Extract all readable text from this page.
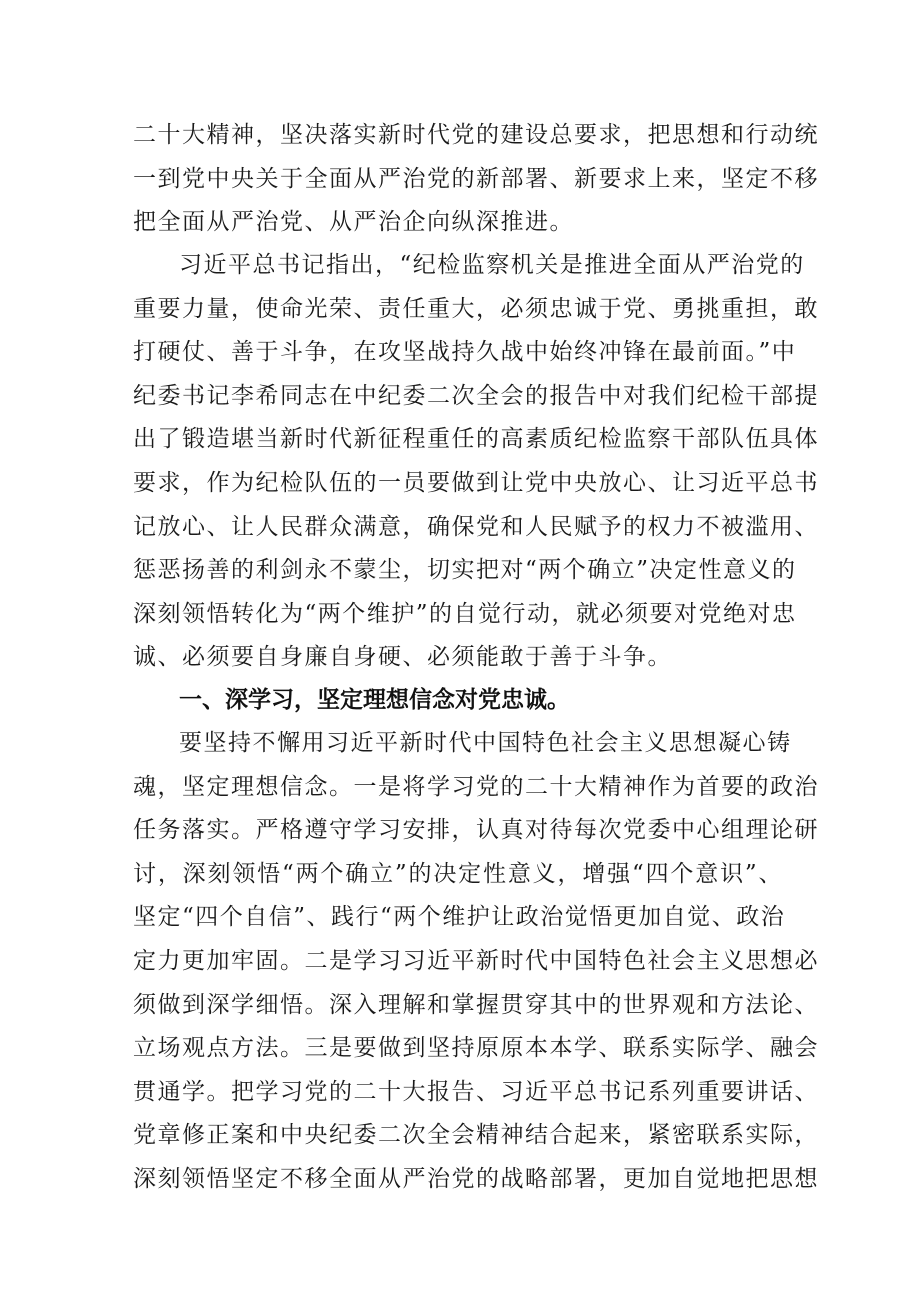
二十大精神，坚决落实新时代党的建设总要求，把思想和行动统
一到党中央关于全面从严治党的新部署、新要求上来，坚定不移
把全面从严治党、从严治企向纵深推进。
习近平总书记指出，“纪检监察机关是推进全面从严治党的
重要力量，使命光荣、责任重大，必须忠诚于党、勇挑重担，敢
打硬仗、善于斗争，在攻坚战持久战中始终冲锋在最前面。”中
纪委书记李希同志在中纪委二次全会的报告中对我们纪检干部提
出了锻造堪当新时代新征程重任的高素质纪检监察干部队伍具体
要求，作为纪检队伍的一员要做到让党中央放心、让习近平总书
记放心、让人民群众满意，确保党和人民赋予的权力不被滥用、
惩恶扬善的利剑永不蒙尘，切实把对“两个确立”决定性意义的
深刻领悟转化为“两个维护”的自觉行动，就必须要对党绝对忠
诚、必须要自身廉自身硬、必须能敢于善于斗争。
一、深学习，坚定理想信念对党忠诚。
要坚持不懈用习近平新时代中国特色社会主义思想凝心铸
魂，坚定理想信念。一是将学习党的二十大精神作为首要的政治
任务落实。严格遵守学习安排，认真对待每次党委中心组理论研
讨，深刻领悟“两个确立”的决定性意义，增强“四个意识”、
坚定“四个自信”、践行“两个维护让政治觉悟更加自觉、政治
定力更加牢固。二是学习习近平新时代中国特色社会主义思想必
须做到深学细悟。深入理解和掌握贯穿其中的世界观和方法论、
立场观点方法。三是要做到坚持原原本本学、联系实际学、融会
贯通学。把学习党的二十大报告、习近平总书记系列重要讲话、
党章修正案和中央纪委二次全会精神结合起来，紧密联系实际，
深刻领悟坚定不移全面从严治党的战略部署，更加自觉地把思想
